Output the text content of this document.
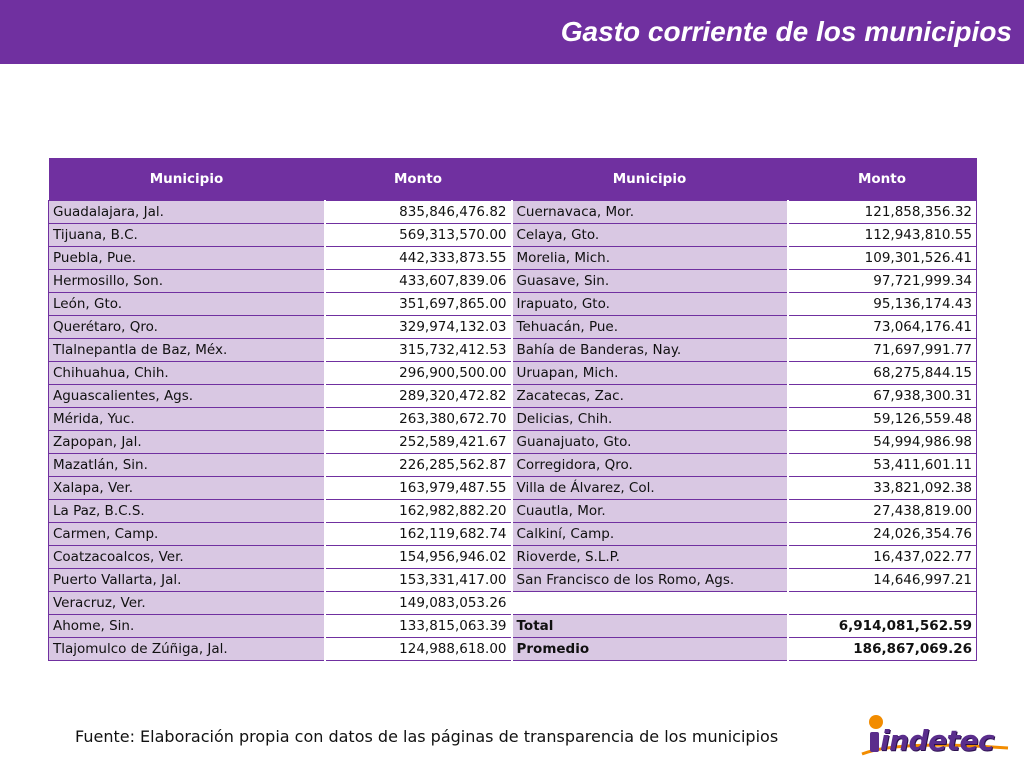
Gasto corriente de los municipios
Municipio	Monto	Municipio	Monto
Guadalajara, Jal.	835,846,476.82	Cuernavaca, Mor.	121,858,356.32
Tijuana, B.C.	569,313,570.00	Celaya, Gto.	112,943,810.55
Puebla, Pue.	442,333,873.55	Morelia, Mich.	109,301,526.41
Hermosillo, Son.	433,607,839.06	Guasave, Sin.	97,721,999.34
León, Gto.	351,697,865.00	Irapuato, Gto.	95,136,174.43
Querétaro, Qro.	329,974,132.03	Tehuacán, Pue.	73,064,176.41
Tlalnepantla de Baz, Méx.	315,732,412.53	Bahía de Banderas, Nay.	71,697,991.77
Chihuahua, Chih.	296,900,500.00	Uruapan, Mich.	68,275,844.15
Aguascalientes, Ags.	289,320,472.82	Zacatecas, Zac.	67,938,300.31
Mérida, Yuc.	263,380,672.70	Delicias, Chih.	59,126,559.48
Zapopan, Jal.	252,589,421.67	Guanajuato, Gto.	54,994,986.98
Mazatlán, Sin.	226,285,562.87	Corregidora, Qro.	53,411,601.11
Xalapa, Ver.	163,979,487.55	Villa de Álvarez, Col.	33,821,092.38
La Paz, B.C.S.	162,982,882.20	Cuautla, Mor.	27,438,819.00
Carmen, Camp.	162,119,682.74	Calkiní, Camp.	24,026,354.76
Coatzacoalcos, Ver.	154,956,946.02	Rioverde, S.L.P.	16,437,022.77
Puerto Vallarta, Jal.	153,331,417.00	San Francisco de los Romo, Ags.	14,646,997.21
Veracruz, Ver.	149,083,053.26		
Ahome, Sin.	133,815,063.39	Total	6,914,081,562.59
Tlajomulco de Zúñiga, Jal.	124,988,618.00	Promedio	186,867,069.26

Fuente: Elaboración propia con datos de las páginas de transparencia de los municipios	indetec
